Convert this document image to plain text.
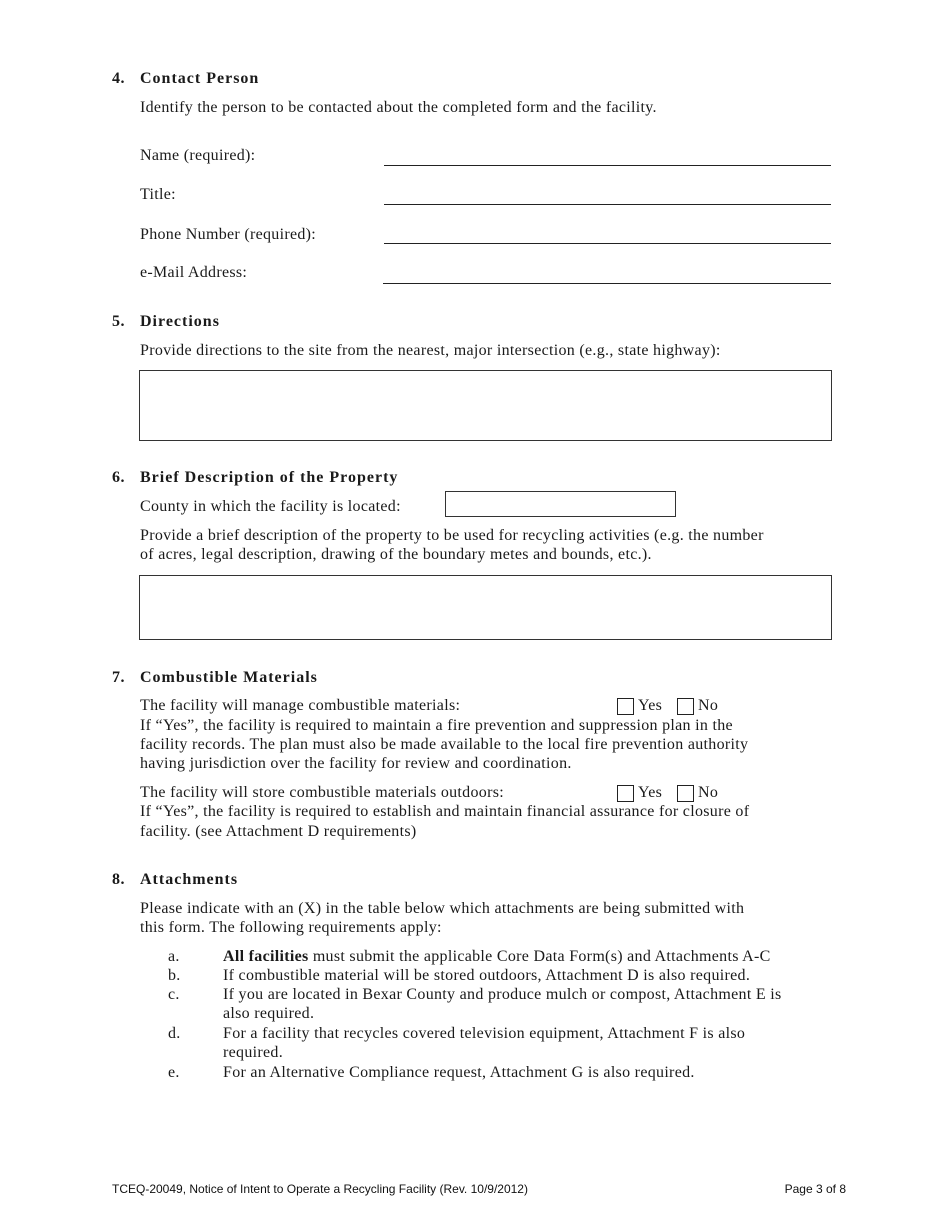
4. Contact Person
Identify the person to be contacted about the completed form and the facility.
Name (required):
Title:
Phone Number (required):
e-Mail Address:
5. Directions
Provide directions to the site from the nearest, major intersection (e.g., state highway):
6. Brief Description of the Property
County in which the facility is located:
Provide a brief description of the property to be used for recycling activities (e.g. the number
of acres, legal description, drawing of the boundary metes and bounds, etc.).
7. Combustible Materials
The facility will manage combustible materials:	Yes No
If “Yes”, the facility is required to maintain a fire prevention and suppression plan in the
facility records. The plan must also be made available to the local fire prevention authority
having jurisdiction over the facility for review and coordination.
The facility will store combustible materials outdoors:	Yes No
If “Yes”, the facility is required to establish and maintain financial assurance for closure of
facility. (see Attachment D requirements)
8. Attachments
Please indicate with an (X) in the table below which attachments are being submitted with
this form. The following requirements apply:
a.	All facilities must submit the applicable Core Data Form(s) and Attachments A-C
b.	If combustible material will be stored outdoors, Attachment D is also required.
c.	If you are located in Bexar County and produce mulch or compost, Attachment E is
also required.
d.	For a facility that recycles covered television equipment, Attachment F is also
required.
e.	For an Alternative Compliance request, Attachment G is also required.
TCEQ-20049, Notice of Intent to Operate a Recycling Facility (Rev. 10/9/2012)	Page 3 of 8
